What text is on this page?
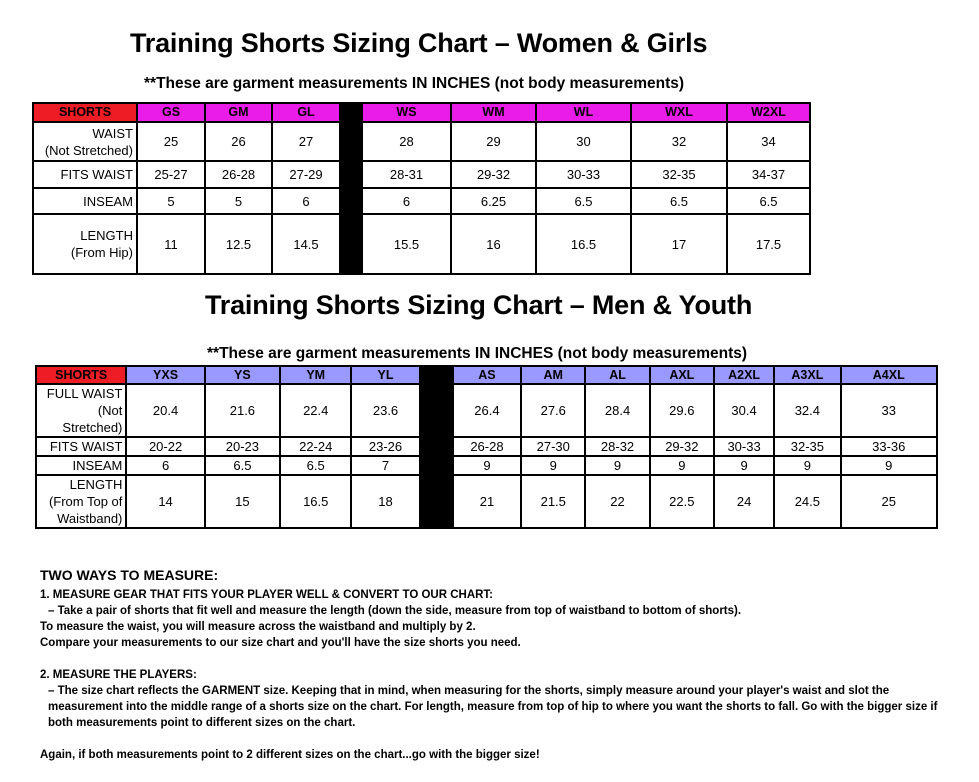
Training Shorts Sizing Chart – Women & Girls
**These are garment measurements IN INCHES (not body measurements)
SHORTS	GS	GM	GL		WS	WM	WL	WXL	W2XL
WAIST
(Not Stretched)	25	26	27		28	29	30	32	34
FITS WAIST	25-27	26-28	27-29		28-31	29-32	30-33	32-35	34-37
INSEAM	5	5	6		6	6.25	6.5	6.5	6.5
LENGTH
(From Hip)	11	12.5	14.5		15.5	16	16.5	17	17.5
Training Shorts Sizing Chart – Men & Youth
**These are garment measurements IN INCHES (not body measurements)
SHORTS	YXS	YS	YM	YL		AS	AM	AL	AXL	A2XL	A3XL	A4XL
FULL WAIST
(Not
Stretched)	20.4	21.6	22.4	23.6		26.4	27.6	28.4	29.6	30.4	32.4	33
FITS WAIST	20-22	20-23	22-24	23-26		26-28	27-30	28-32	29-32	30-33	32-35	33-36
INSEAM	6	6.5	6.5	7		9	9	9	9	9	9	9
LENGTH
(From Top of
Waistband)	14	15	16.5	18		21	21.5	22	22.5	24	24.5	25
TWO WAYS TO MEASURE:
1. MEASURE GEAR THAT FITS YOUR PLAYER WELL & CONVERT TO OUR CHART:
– Take a pair of shorts that fit well and measure the length (down the side, measure from top of waistband to bottom of shorts).
To measure the waist, you will measure across the waistband and multiply by 2.
Compare your measurements to our size chart and you'll have the size shorts you need.
2. MEASURE THE PLAYERS:
– The size chart reflects the GARMENT size. Keeping that in mind, when measuring for the shorts, simply measure around your player's waist and slot the measurement into the middle range of a shorts size on the chart. For length, measure from top of hip to where you want the shorts to fall. Go with the bigger size if both measurements point to different sizes on the chart.
Again, if both measurements point to 2 different sizes on the chart...go with the bigger size!
